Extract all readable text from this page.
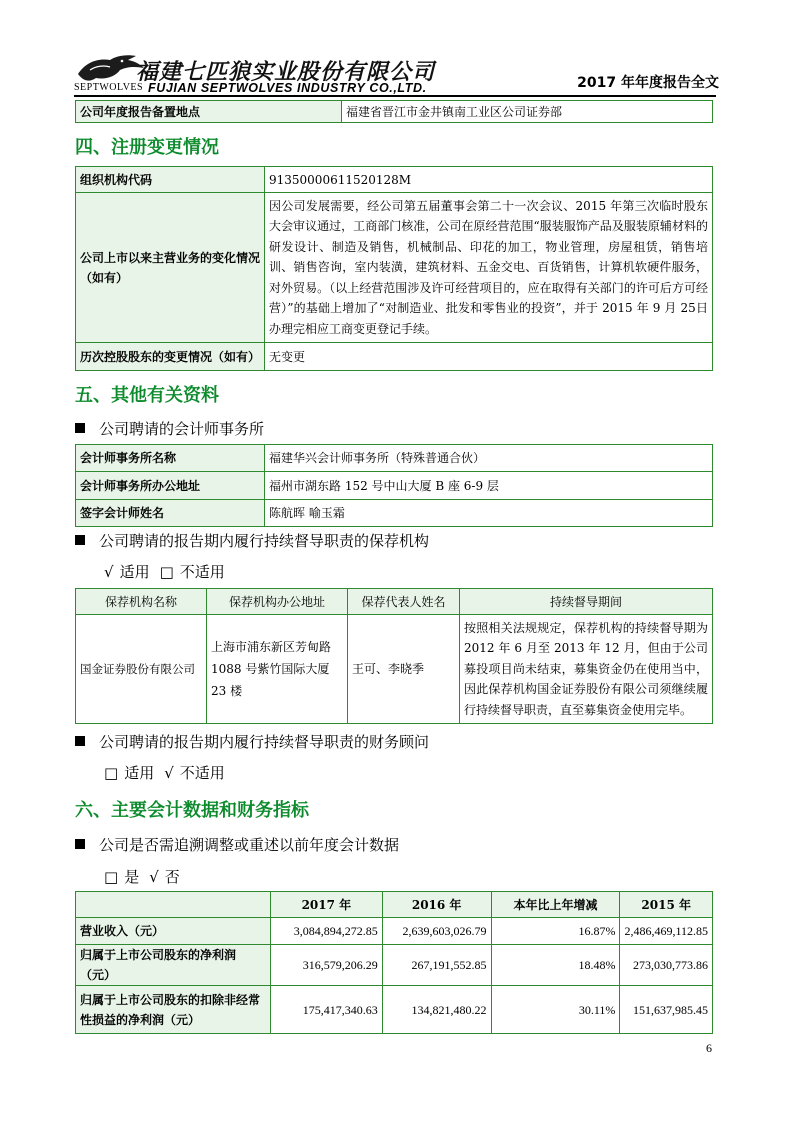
SEPTWOLVES
福建七匹狼实业股份有限公司
FUJIAN SEPTWOLVES INDUSTRY CO.,LTD.	2017 年年度报告全文
公司年度报告备置地点	福建省晋江市金井镇南工业区公司证券部
四、注册变更情况
组织机构代码	91350000611520128M
公司上市以来主营业务的变化情况（如有）	因公司发展需要，经公司第五届董事会第二十一次会议、2015 年第三次临时股东大会审议通过，工商部门核准，公司在原经营范围“服装服饰产品及服装原辅材料的研发设计、制造及销售，机械制品、印花的加工，物业管理，房屋租赁，销售培训、销售咨询，室内装潢，建筑材料、五金交电、百货销售，计算机软硬件服务，对外贸易。（以上经营范围涉及许可经营项目的，应在取得有关部门的许可后方可经营）”的基础上增加了“对制造业、批发和零售业的投资”，并于 2015 年 9 月 25日办理完相应工商变更登记手续。
历次控股股东的变更情况（如有）	无变更
五、其他有关资料
公司聘请的会计师事务所
会计师事务所名称	福建华兴会计师事务所（特殊普通合伙）
会计师事务所办公地址	福州市湖东路 152 号中山大厦 B 座 6-9 层
签字会计师姓名	陈航晖 喻玉霜
公司聘请的报告期内履行持续督导职责的保荐机构
√ 适用 □ 不适用
保荐机构名称	保荐机构办公地址	保荐代表人姓名	持续督导期间
国金证券股份有限公司	上海市浦东新区芳甸路 1088 号紫竹国际大厦 23 楼	王可、李晓季	按照相关法规规定，保荐机构的持续督导期为 2012 年 6 月至 2013 年 12 月，但由于公司募投项目尚未结束，募集资金仍在使用当中，因此保荐机构国金证券股份有限公司须继续履行持续督导职责，直至募集资金使用完毕。
公司聘请的报告期内履行持续督导职责的财务顾问
□ 适用 √ 不适用
六、主要会计数据和财务指标
公司是否需追溯调整或重述以前年度会计数据
□ 是 √ 否
	2017 年	2016 年	本年比上年增减	2015 年
营业收入（元）	3,084,894,272.85	2,639,603,026.79	16.87%	2,486,469,112.85
归属于上市公司股东的净利润（元）	316,579,206.29	267,191,552.85	18.48%	273,030,773.86
归属于上市公司股东的扣除非经常性损益的净利润（元）	175,417,340.63	134,821,480.22	30.11%	151,637,985.45
6
